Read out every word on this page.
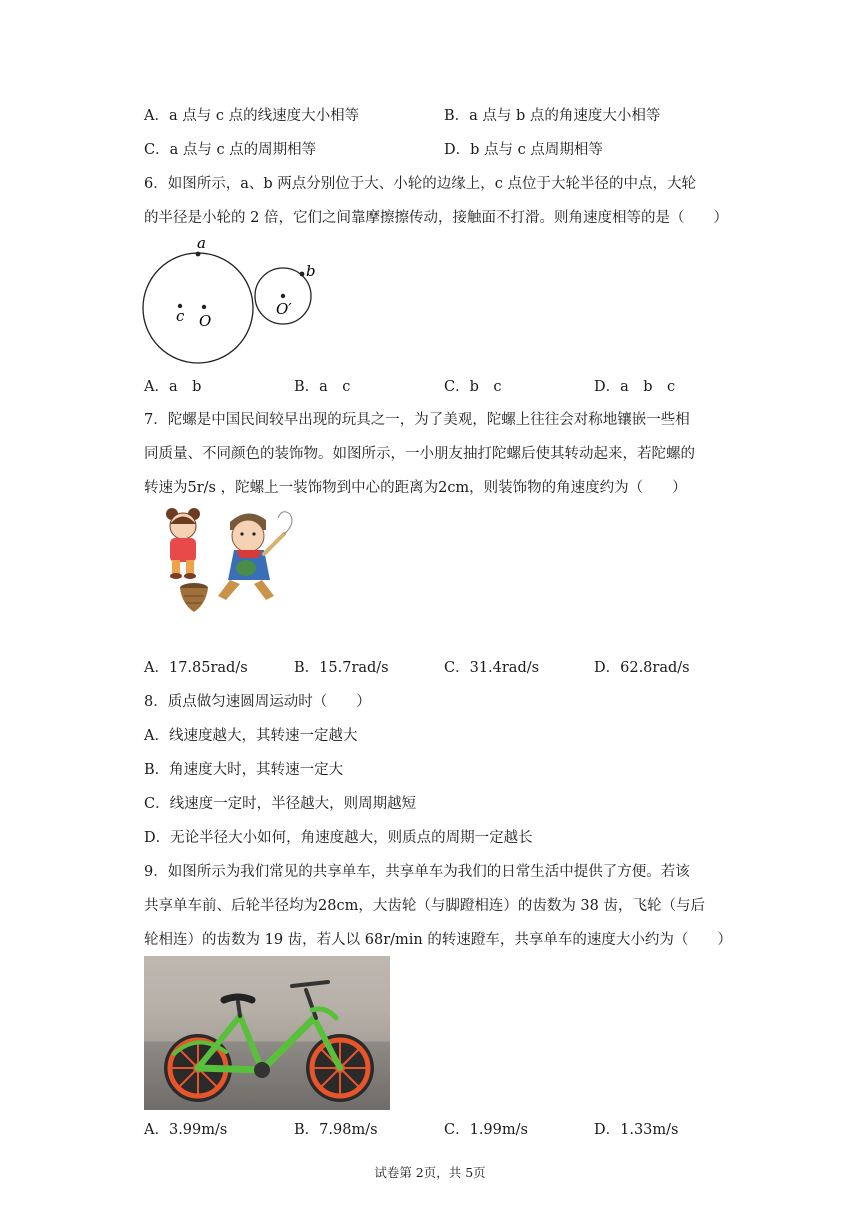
A．a 点与 c 点的线速度大小相等	B．a 点与 b 点的角速度大小相等
C．a 点与 c 点的周期相等	D．b 点与 c 点周期相等
6．如图所示，a、b 两点分别位于大、小轮的边缘上，c 点位于大轮半径的中点，大轮
的半径是小轮的 2 倍，它们之间靠摩擦擦传动，接触面不打滑。则角速度相等的是（　　）
a
b
c O
O′
A．a　b	B．a　c	C．b　c	D．a　b　c
7．陀螺是中国民间较早出现的玩具之一，为了美观，陀螺上往往会对称地镶嵌一些相
同质量、不同颜色的装饰物。如图所示，一小朋友抽打陀螺后使其转动起来，若陀螺的
转速为5r/s ，陀螺上一装饰物到中心的距离为2cm，则装饰物的角速度约为（　　）
A．17.85rad/s	B．15.7rad/s	C．31.4rad/s	D．62.8rad/s
8．质点做匀速圆周运动时（　　）
A．线速度越大，其转速一定越大
B．角速度大时，其转速一定大
C．线速度一定时，半径越大，则周期越短
D．无论半径大小如何，角速度越大，则质点的周期一定越长
9．如图所示为我们常见的共享单车，共享单车为我们的日常生活中提供了方便。若该
共享单车前、后轮半径均为28cm，大齿轮（与脚蹬相连）的齿数为 38 齿，飞轮（与后
轮相连）的齿数为 19 齿，若人以 68r/min 的转速蹬车，共享单车的速度大小约为（　　）
A．3.99m/s	B．7.98m/s	C．1.99m/s	D．1.33m/s
试卷第 2页，共 5页
